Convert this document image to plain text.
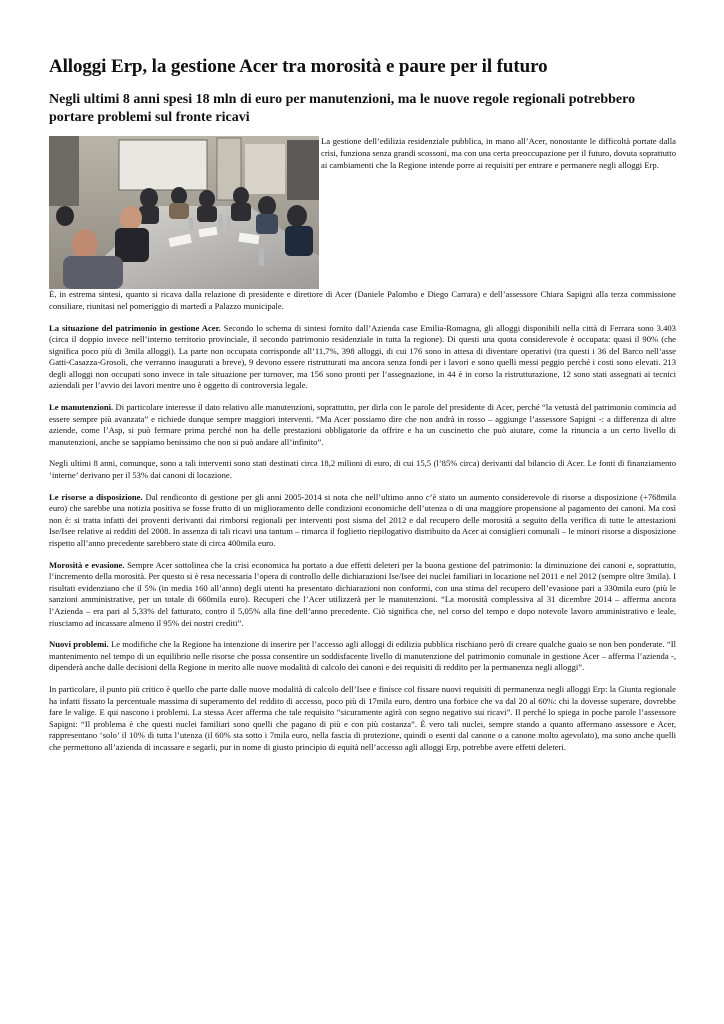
Alloggi Erp, la gestione Acer tra morosità e paure per il futuro
Negli ultimi 8 anni spesi 18 mln di euro per manutenzioni, ma le nuove regole regionali potrebbero portare problemi sul fronte ricavi

La gestione dell’edilizia residenziale pubblica, in mano all’Acer, nonostante le difficoltà portate dalla crisi, funziona senza grandi scossoni, ma con una certa preoccupazione per il futuro, dovuta soprattutto ai cambiamenti che la Regione intende porre ai requisiti per entrare e permanere negli alloggi Erp.

È, in estrema sintesi, quanto si ricava dalla relazione di presidente e direttore di Acer (Daniele Palombo e Diego Carrara) e dell’assessore Chiara Sapigni alla terza commissione consiliare, riunitasi nel pomeriggio di martedì a Palazzo municipale.

La situazione del patrimonio in gestione Acer. Secondo lo schema di sintesi fornito dall’Azienda case Emilia-Romagna, gli alloggi disponibili nella città di Ferrara sono 3.403 (circa il doppio invece nell’interno territorio provinciale, il secondo patrimonio residenziale in tutta la regione). Di questi una quota considerevole è occupata: quasi il 90% (che significa poco più di 3mila alloggi). La parte non occupata corrisponde all’11,7%, 398 alloggi, di cui 176 sono in attesa di diventare operativi (tra questi i 36 del Barco nell’asse Gatti-Casazza-Grosoli, che verranno inaugurati a breve), 9 devono essere ristrutturati ma ancora senza fondi per i lavori e sono quelli messi peggio perché i costi sono elevati. 213 degli alloggi non occupati sono invece in tale situazione per turnover, ma 156 sono pronti per l’assegnazione, in 44 è in corso la ristrutturazione, 12 sono stati assegnati ai tecnici aziendali per l’avvio dei lavori mentre uno è oggetto di controversia legale.

Le manutenzioni. Di particolare interesse il dato relativo alle manutenzioni, soprattutto, per dirla con le parole del presidente di Acer, perché “la vetustà del patrimonio comincia ad essere sempre più avanzata” e richiede dunque sempre maggiori interventi. “Ma Acer possiamo dire che non andrà in rosso – aggiunge l’assessore Sapigni -: a differenza di altre aziende, come l’Asp, si può fermare prima perché non ha delle prestazioni obbligatorie da offrire e ha un cuscinetto che può aiutare, come la rinuncia a un certo livello di manutenzioni, anche se sappiamo benissimo che non si può andare all’infinito”.

Negli ultimi 8 anni, comunque, sono a tali interventi sono stati destinati circa 18,2 milioni di euro, di cui 15,5 (l’85% circa) derivanti dal bilancio di Acer. Le fonti di finanziamento ‘interne’ derivano per il 53% dai canoni di locazione.

Le risorse a disposizione. Dal rendiconto di gestione per gli anni 2005-2014 si nota che nell’ultimo anno c’è stato un aumento considerevole di risorse a disposizione (+768mila euro) che sarebbe una notizia positiva se fosse frutto di un miglioramento delle condizioni economiche dell’utenza o di una maggiore propensione al pagamento dei canoni. Ma così non è: si tratta infatti dei proventi derivanti dai rimborsi regionali per interventi post sisma del 2012 e dal recupero delle morosità a seguito della verifica di tutte le attestazioni Ise/Isee relative ai redditi del 2008. In assenza di tali ricavi una tantum – rimarca il foglietto riepilogativo distribuito da Acer ai consiglieri comunali – le minori risorse a disposizione rispetto all’anno precedente sarebbero state di circa 400mila euro.

Morosità e evasione. Sempre Acer sottolinea che la crisi economica ha portato a due effetti deleteri per la buona gestione del patrimonio: la diminuzione dei canoni e, soprattutto, l’incremento della morosità. Per questo si è resa necessaria l’opera di controllo delle dichiarazioni Ise/Isee dei nuclei familiari in locazione nel 2011 e nel 2012 (sempre oltre 3mila). I risultati evidenziano che il 5% (in media 160 all’anno) degli utenti ha presentato dichiarazioni non conformi, con una stima del recupero dell’evasione pari a 330mila euro (più le sanzioni amministrative, per un totale di 660mila euro). Recuperi che l’Acer utilizzerà per le manutenzioni. “La morosità complessiva al 31 dicembre 2014 – afferma ancora l’Azienda – era pari al 5,33% del fatturato, contro il 5,05% alla fine dell’anno precedente. Ciò significa che, nel corso del tempo e dopo notevole lavoro amministrativo e leale, riusciamo ad incassare almeno il 95% dei nostri crediti”.

Nuovi problemi. Le modifiche che la Regione ha intenzione di inserire per l’accesso agli alloggi di edilizia pubblica rischiano però di creare qualche guaio se non ben ponderate. “Il mantenimento nel tempo di un equilibrio nelle risorse che possa consentire un soddisfacente livello di manutenzione del patrimonio comunale in gestione Acer – afferma l’azienda -, dipenderà anche dalle decisioni della Regione in merito alle nuove modalità di calcolo dei canoni e dei requisiti di reddito per la permanenza negli alloggi”.

In particolare, il punto più critico è quello che parte dalle nuove modalità di calcolo dell’Isee e finisce col fissare nuovi requisiti di permanenza negli alloggi Erp: la Giunta regionale ha infatti fissato la percentuale massima di superamento del reddito di accesso, poco più di 17mila euro, dentro una forbice che va dal 20 al 60%: chi la dovesse superare, dovrebbe fare le valige. E qui nascono i problemi. La stessa Acer afferma che tale requisito “sicuramente agirà con segno negativo sui ricavi”. Il perché lo spiega in poche parole l’assessore Sapigni: “Il problema è che questi nuclei familiari sono quelli che pagano di più e con più costanza”. È vero tali nuclei, sempre stando a quanto affermano assessore e Acer, rappresentano ‘solo’ il 10% di tutta l’utenza (il 60% sta sotto i 7mila euro, nella fascia di protezione, quindi o esenti dal canone o a canone molto agevolato), ma sono anche quelli che permettono all’azienda di incassare e segarli, pur in nome di giusto principio di equità nell’accesso agli alloggi Erp, potrebbe avere effetti deleteri.
